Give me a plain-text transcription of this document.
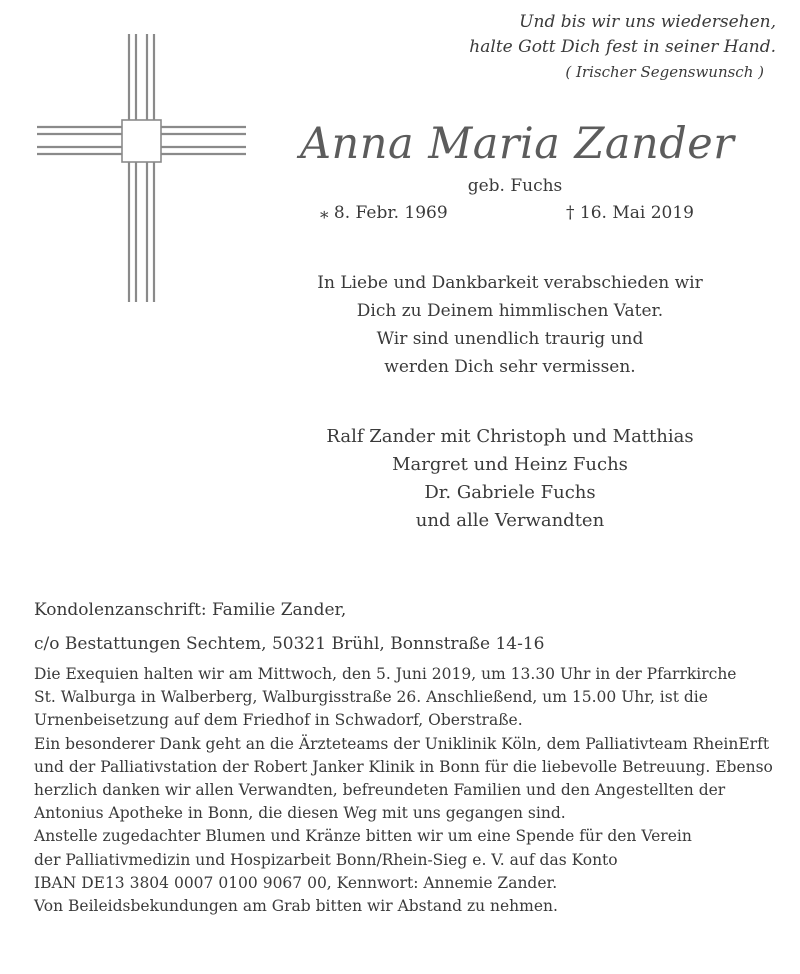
Und bis wir uns wiedersehen,
halte Gott Dich fest in seiner Hand.
( Irischer Segenswunsch )
Anna Maria Zander
geb. Fuchs
⁎ 8. Febr. 1969	† 16. Mai 2019
In Liebe und Dankbarkeit verabschieden wir
Dich zu Deinem himmlischen Vater.
Wir sind unendlich traurig und
werden Dich sehr vermissen.
Ralf Zander mit Christoph und Matthias
Margret und Heinz Fuchs
Dr. Gabriele Fuchs
und alle Verwandten
Kondolenzanschrift: Familie Zander,
c/o Bestattungen Sechtem, 50321 Brühl, Bonnstraße 14-16
Die Exequien halten wir am Mittwoch, den 5. Juni 2019, um 13.30 Uhr in der Pfarrkirche
St. Walburga in Walberberg, Walburgisstraße 26. Anschließend, um 15.00 Uhr, ist die
Urnenbeisetzung auf dem Friedhof in Schwadorf, Oberstraße.
Ein besonderer Dank geht an die Ärzteteams der Uniklinik Köln, dem Palliativteam RheinErft
und der Palliativstation der Robert Janker Klinik in Bonn für die liebevolle Betreuung. Ebenso
herzlich danken wir allen Verwandten, befreundeten Familien und den Angestellten der
Antonius Apotheke in Bonn, die diesen Weg mit uns gegangen sind.
Anstelle zugedachter Blumen und Kränze bitten wir um eine Spende für den Verein
der Palliativmedizin und Hospizarbeit Bonn/Rhein-Sieg e. V. auf das Konto
IBAN DE13 3804 0007 0100 9067 00, Kennwort: Annemie Zander.
Von Beileidsbekundungen am Grab bitten wir Abstand zu nehmen.
